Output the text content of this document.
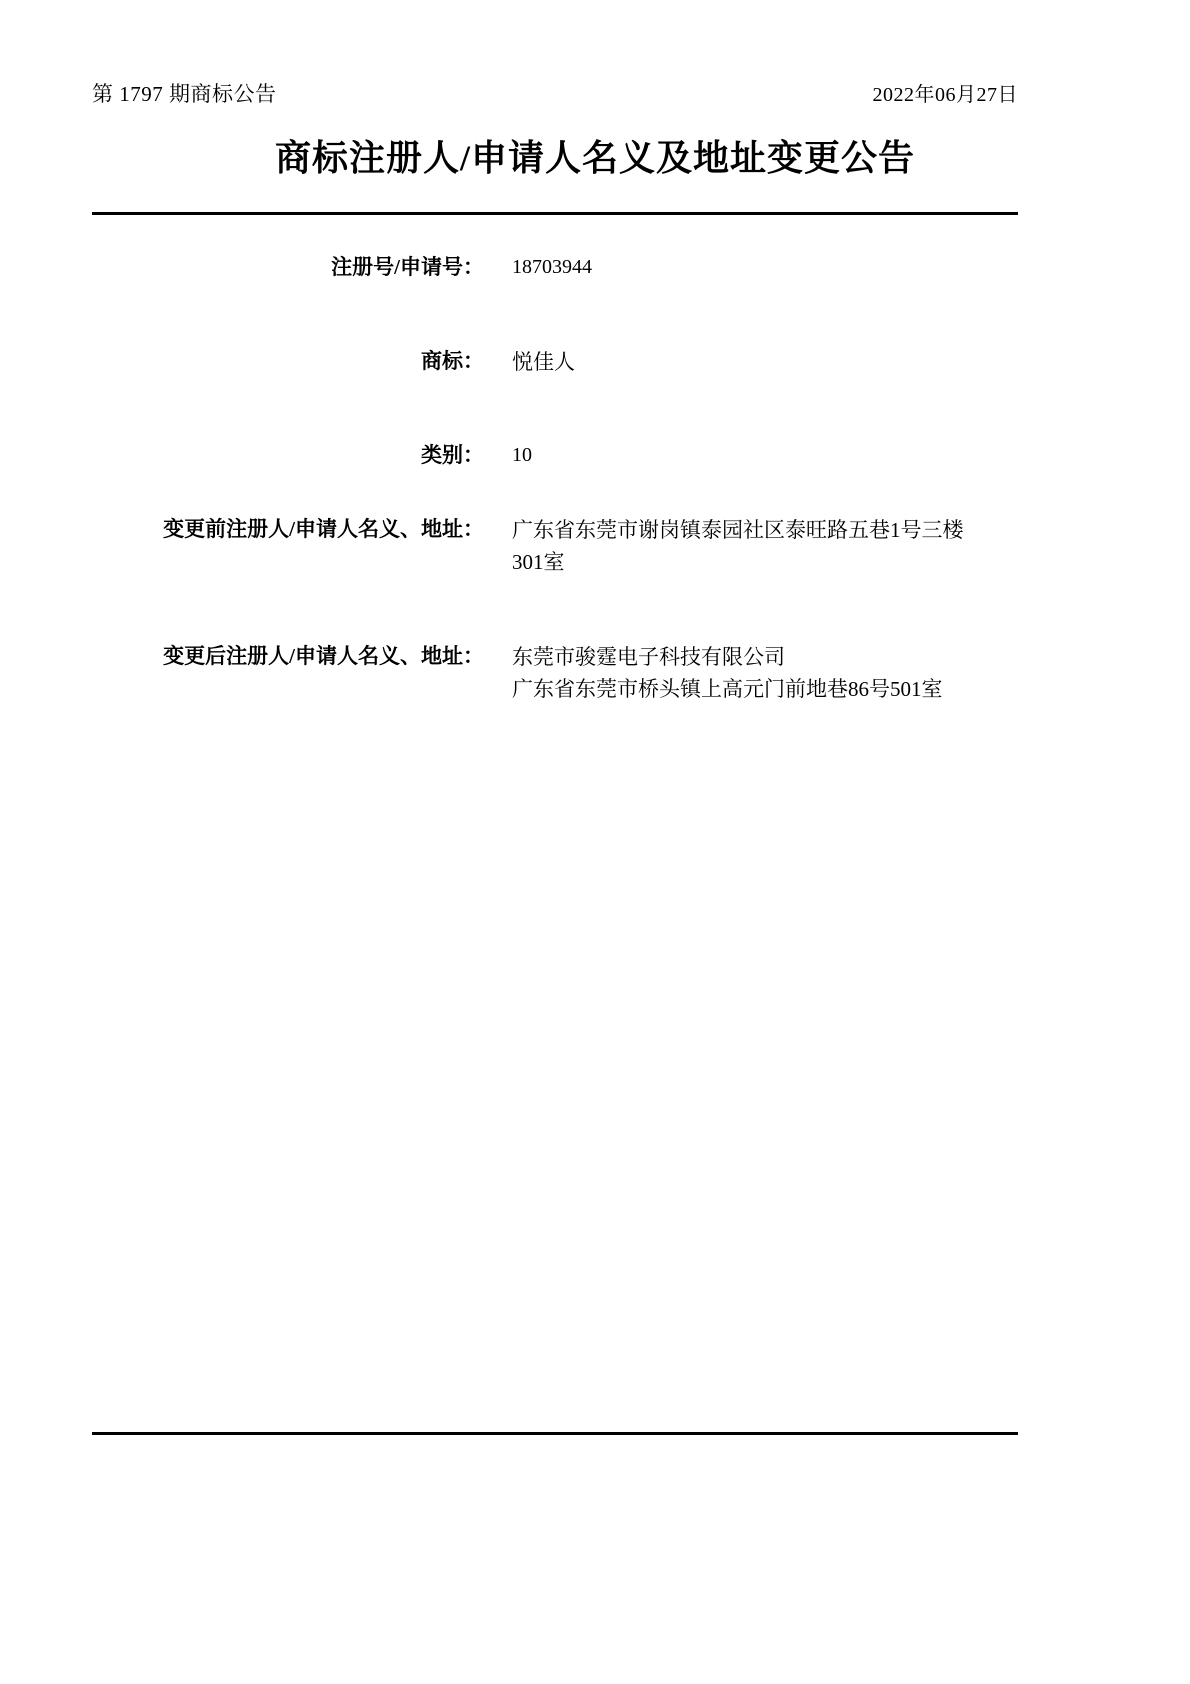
第 1797 期商标公告	2022年06月27日
商标注册人/申请人名义及地址变更公告
注册号/申请号：	18703944
商标：	悦佳人
类别：	10
变更前注册人/申请人名义、地址： 广东省东莞市谢岗镇泰园社区泰旺路五巷1号三楼
301室
变更后注册人/申请人名义、地址： 东莞市骏霆电子科技有限公司
广东省东莞市桥头镇上高元门前地巷86号501室
